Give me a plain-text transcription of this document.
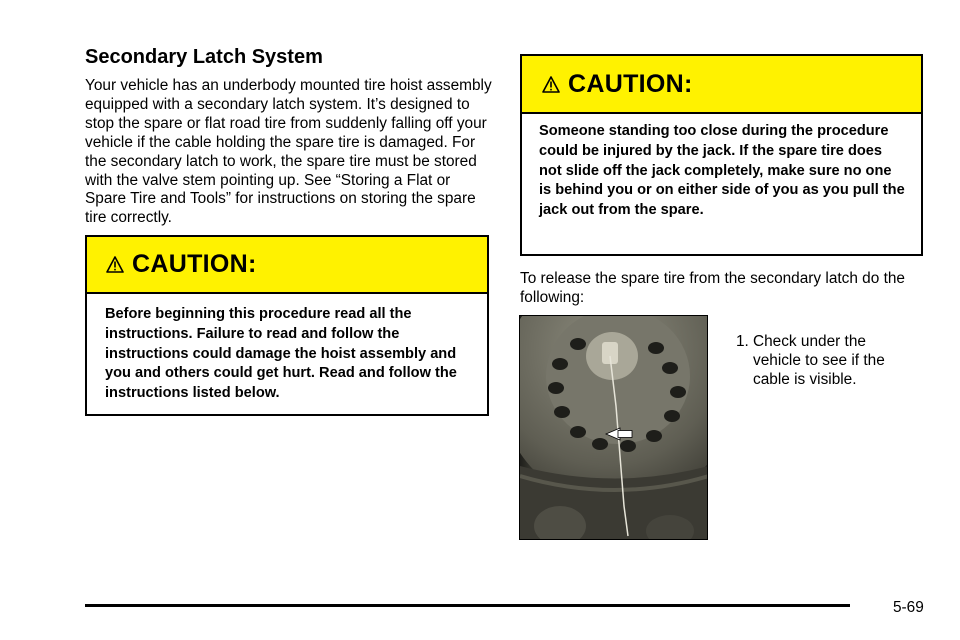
Secondary Latch System

Your vehicle has an underbody mounted tire hoist assembly equipped with a secondary latch system. It’s designed to stop the spare or flat road tire from suddenly falling off your vehicle if the cable holding the spare tire is damaged. For the secondary latch to work, the spare tire must be stored with the valve stem pointing up. See “Storing a Flat or Spare Tire and Tools” for instructions on storing the spare tire correctly.

CAUTION:

Before beginning this procedure read all the instructions. Failure to read and follow the instructions could damage the hoist assembly and you and others could get hurt. Read and follow the instructions listed below.

CAUTION:

Someone standing too close during the procedure could be injured by the jack. If the spare tire does not slide off the jack completely, make sure no one is behind you or on either side of you as you pull the jack out from the spare.

To release the spare tire from the secondary latch do the following:

1. Check under the vehicle to see if the cable is visible.
5-69
